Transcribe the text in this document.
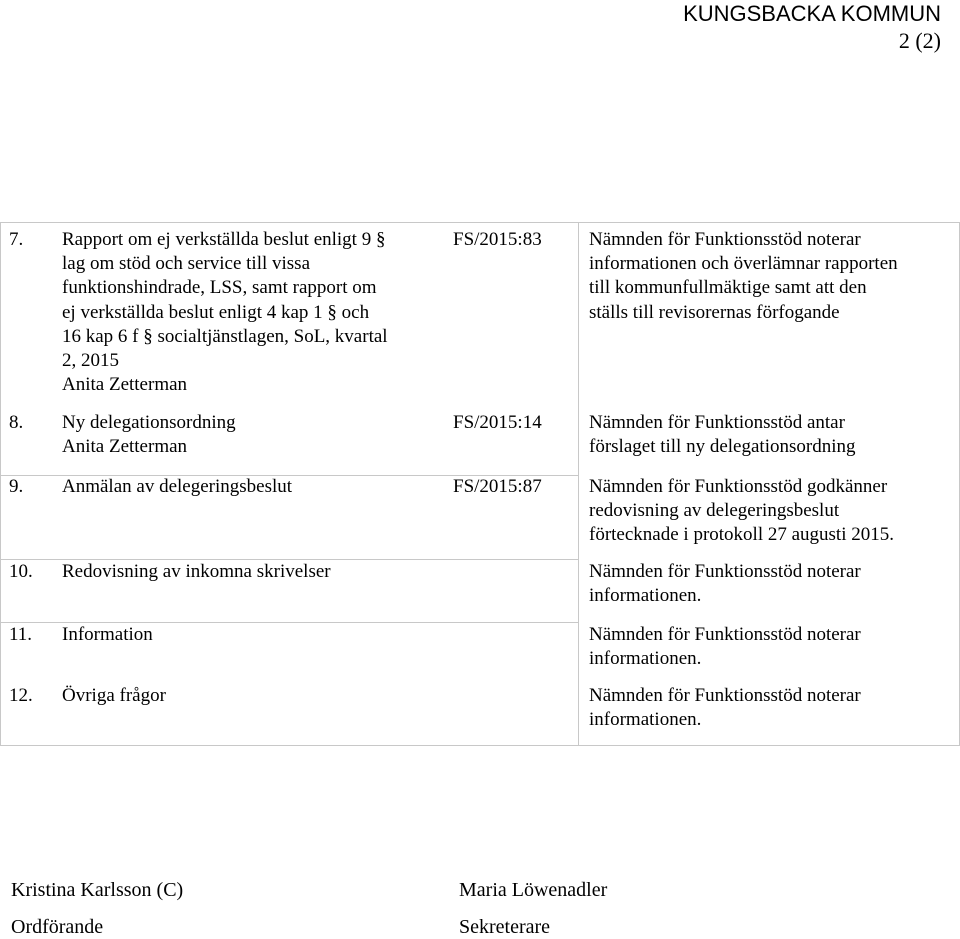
KUNGSBACKA KOMMUN
2 (2)
7. Rapport om ej verkställda beslut enligt 9 §
lag om stöd och service till vissa
funktionshindrade, LSS, samt rapport om
ej verkställda beslut enligt 4 kap 1 § och
16 kap 6 f § socialtjänstlagen, SoL, kvartal
2, 2015
Anita Zetterman
FS/2015:83 Nämnden för Funktionsstöd noterar
informationen och överlämnar rapporten
till kommunfullmäktige samt att den
ställs till revisorernas förfogande
8. Ny delegationsordning
Anita Zetterman
FS/2015:14 Nämnden för Funktionsstöd antar
förslaget till ny delegationsordning
9. Anmälan av delegeringsbeslut	FS/2015:87 Nämnden för Funktionsstöd godkänner
redovisning av delegeringsbeslut
förtecknade i protokoll 27 augusti 2015.
10. Redovisning av inkomna skrivelser	Nämnden för Funktionsstöd noterar
informationen.
11. Information	Nämnden för Funktionsstöd noterar
informationen.
12. Övriga frågor	Nämnden för Funktionsstöd noterar
informationen.
Kristina Karlsson (C)
Ordförande
Maria Löwenadler
Sekreterare
